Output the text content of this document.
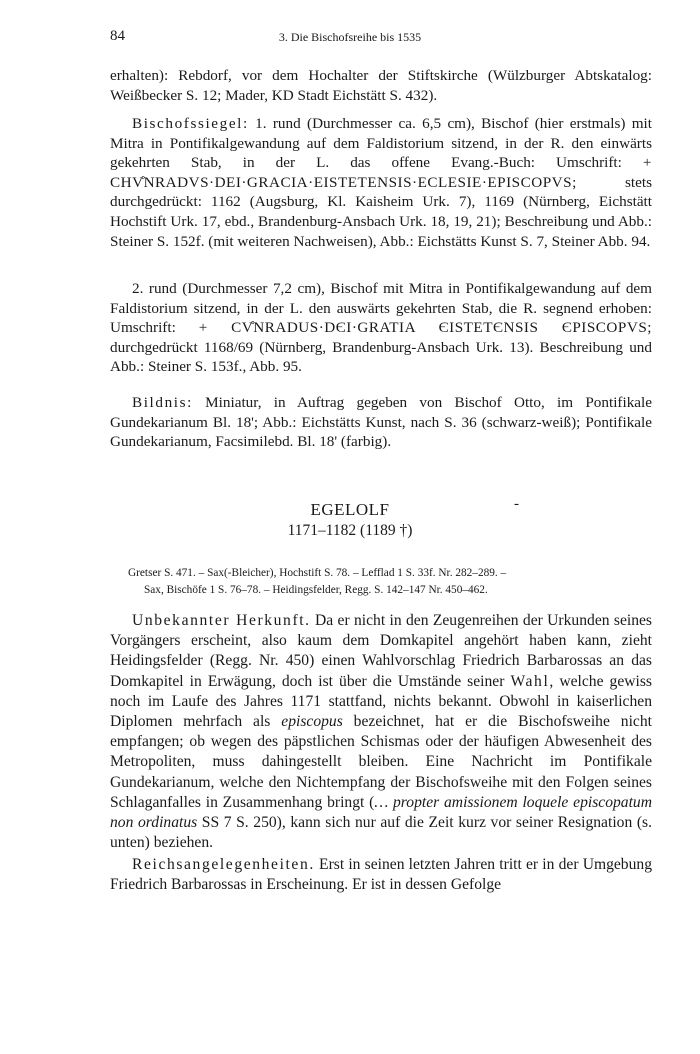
84	3. Die Bischofsreihe bis 1535

erhalten): Rebdorf, vor dem Hochalter der Stiftskirche (Wülzburger Abtskatalog: Weißbecker S. 12; Mader, KD Stadt Eichstätt S. 432).

Bischofssiegel: 1. rund (Durchmesser ca. 6,5 cm), Bischof (hier erstmals) mit Mitra in Pontifikalgewandung auf dem Faldistorium sitzend, in der R. den einwärts gekehrten Stab, in der L. das offene Evang.-Buch: Umschrift: + CHV̊NRADVS·DEI·GRACIA·EISTETENSIS·ECLESIE·EPISCOPVS; stets durchgedrückt: 1162 (Augsburg, Kl. Kaisheim Urk. 7), 1169 (Nürnberg, Eichstätt Hochstift Urk. 17, ebd., Brandenburg-Ansbach Urk. 18, 19, 21); Beschreibung und Abb.: Steiner S. 152f. (mit weiteren Nachweisen), Abb.: Eichstätts Kunst S. 7, Steiner Abb. 94.

2. rund (Durchmesser 7,2 cm), Bischof mit Mitra in Pontifikalgewandung auf dem Faldistorium sitzend, in der L. den auswärts gekehrten Stab, die R. segnend erhoben: Umschrift: + CV̊NRADUS·DЄI·GRATIA ЄISTETЄNSIS ЄPISCOPVS; durchgedrückt 1168/69 (Nürnberg, Brandenburg-Ansbach Urk. 13). Beschreibung und Abb.: Steiner S. 153f., Abb. 95.

Bildnis: Miniatur, in Auftrag gegeben von Bischof Otto, im Pontifikale Gundekarianum Bl. 18'; Abb.: Eichstätts Kunst, nach S. 36 (schwarz-weiß); Pontifikale Gundekarianum, Facsimilebd. Bl. 18' (farbig).

EGELOLF	-
1171–1182 (1189 †)
Gretser S. 471. – Sax(-Bleicher), Hochstift S. 78. – Lefflad 1 S. 33f. Nr. 282–289. –
Sax, Bischöfe 1 S. 76–78. – Heidingsfelder, Regg. S. 142–147 Nr. 450–462.

Unbekannter Herkunft. Da er nicht in den Zeugenreihen der Urkunden seines Vorgängers erscheint, also kaum dem Domkapitel angehört haben kann, zieht Heidingsfelder (Regg. Nr. 450) einen Wahlvorschlag Friedrich Barbarossas an das Domkapitel in Erwägung, doch ist über die Umstände seiner Wahl, welche gewiss noch im Laufe des Jahres 1171 stattfand, nichts bekannt. Obwohl in kaiserlichen Diplomen mehrfach als episcopus bezeichnet, hat er die Bischofsweihe nicht empfangen; ob wegen des päpstlichen Schismas oder der häufigen Abwesenheit des Metropoliten, muss dahingestellt bleiben. Eine Nachricht im Pontifikale Gundekarianum, welche den Nichtempfang der Bischofsweihe mit den Folgen seines Schlaganfalles in Zusammenhang bringt (… propter amissionem loquele episcopatum non ordinatus SS 7 S. 250), kann sich nur auf die Zeit kurz vor seiner Resignation (s. unten) beziehen.

Reichsangelegenheiten. Erst in seinen letzten Jahren tritt er in der Umgebung Friedrich Barbarossas in Erscheinung. Er ist in dessen Gefolge
